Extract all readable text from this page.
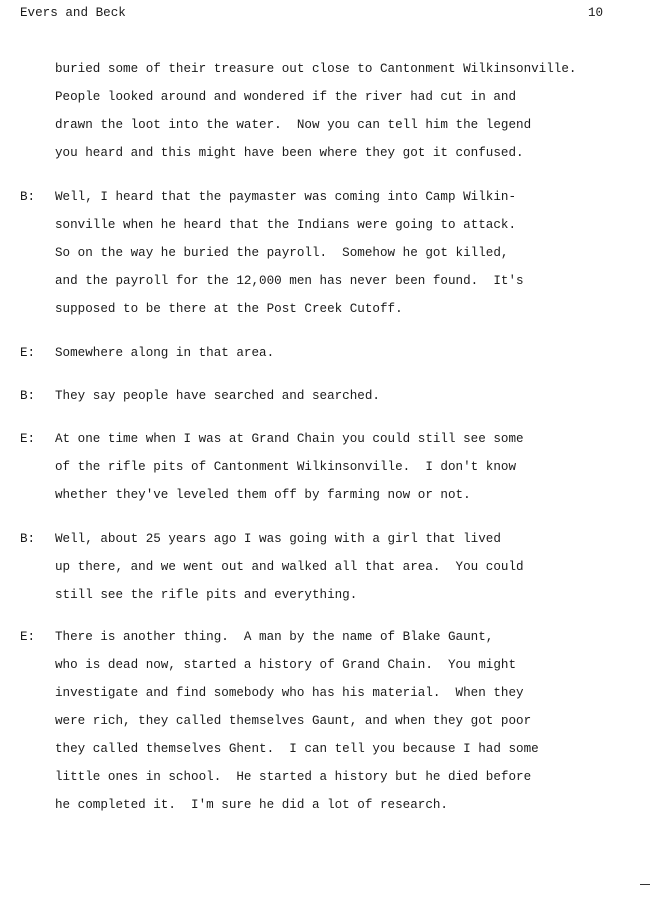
Evers and Beck	10
buried some of their treasure out close to Cantonment Wilkinsonville.
People looked around and wondered if the river had cut in and
drawn the loot into the water.  Now you can tell him the legend
you heard and this might have been where they got it confused.
B: Well, I heard that the paymaster was coming into Camp Wilkin-
sonville when he heard that the Indians were going to attack.
So on the way he buried the payroll.  Somehow he got killed,
and the payroll for the 12,000 men has never been found.  It's
supposed to be there at the Post Creek Cutoff.
E: Somewhere along in that area.
B: They say people have searched and searched.
E: At one time when I was at Grand Chain you could still see some
of the rifle pits of Cantonment Wilkinsonville.  I don't know
whether they've leveled them off by farming now or not.
B: Well, about 25 years ago I was going with a girl that lived
up there, and we went out and walked all that area.  You could
still see the rifle pits and everything.
E: There is another thing.  A man by the name of Blake Gaunt,
who is dead now, started a history of Grand Chain.  You might
investigate and find somebody who has his material.  When they
were rich, they called themselves Gaunt, and when they got poor
they called themselves Ghent.  I can tell you because I had some
little ones in school.  He started a history but he died before
he completed it.  I'm sure he did a lot of research.
